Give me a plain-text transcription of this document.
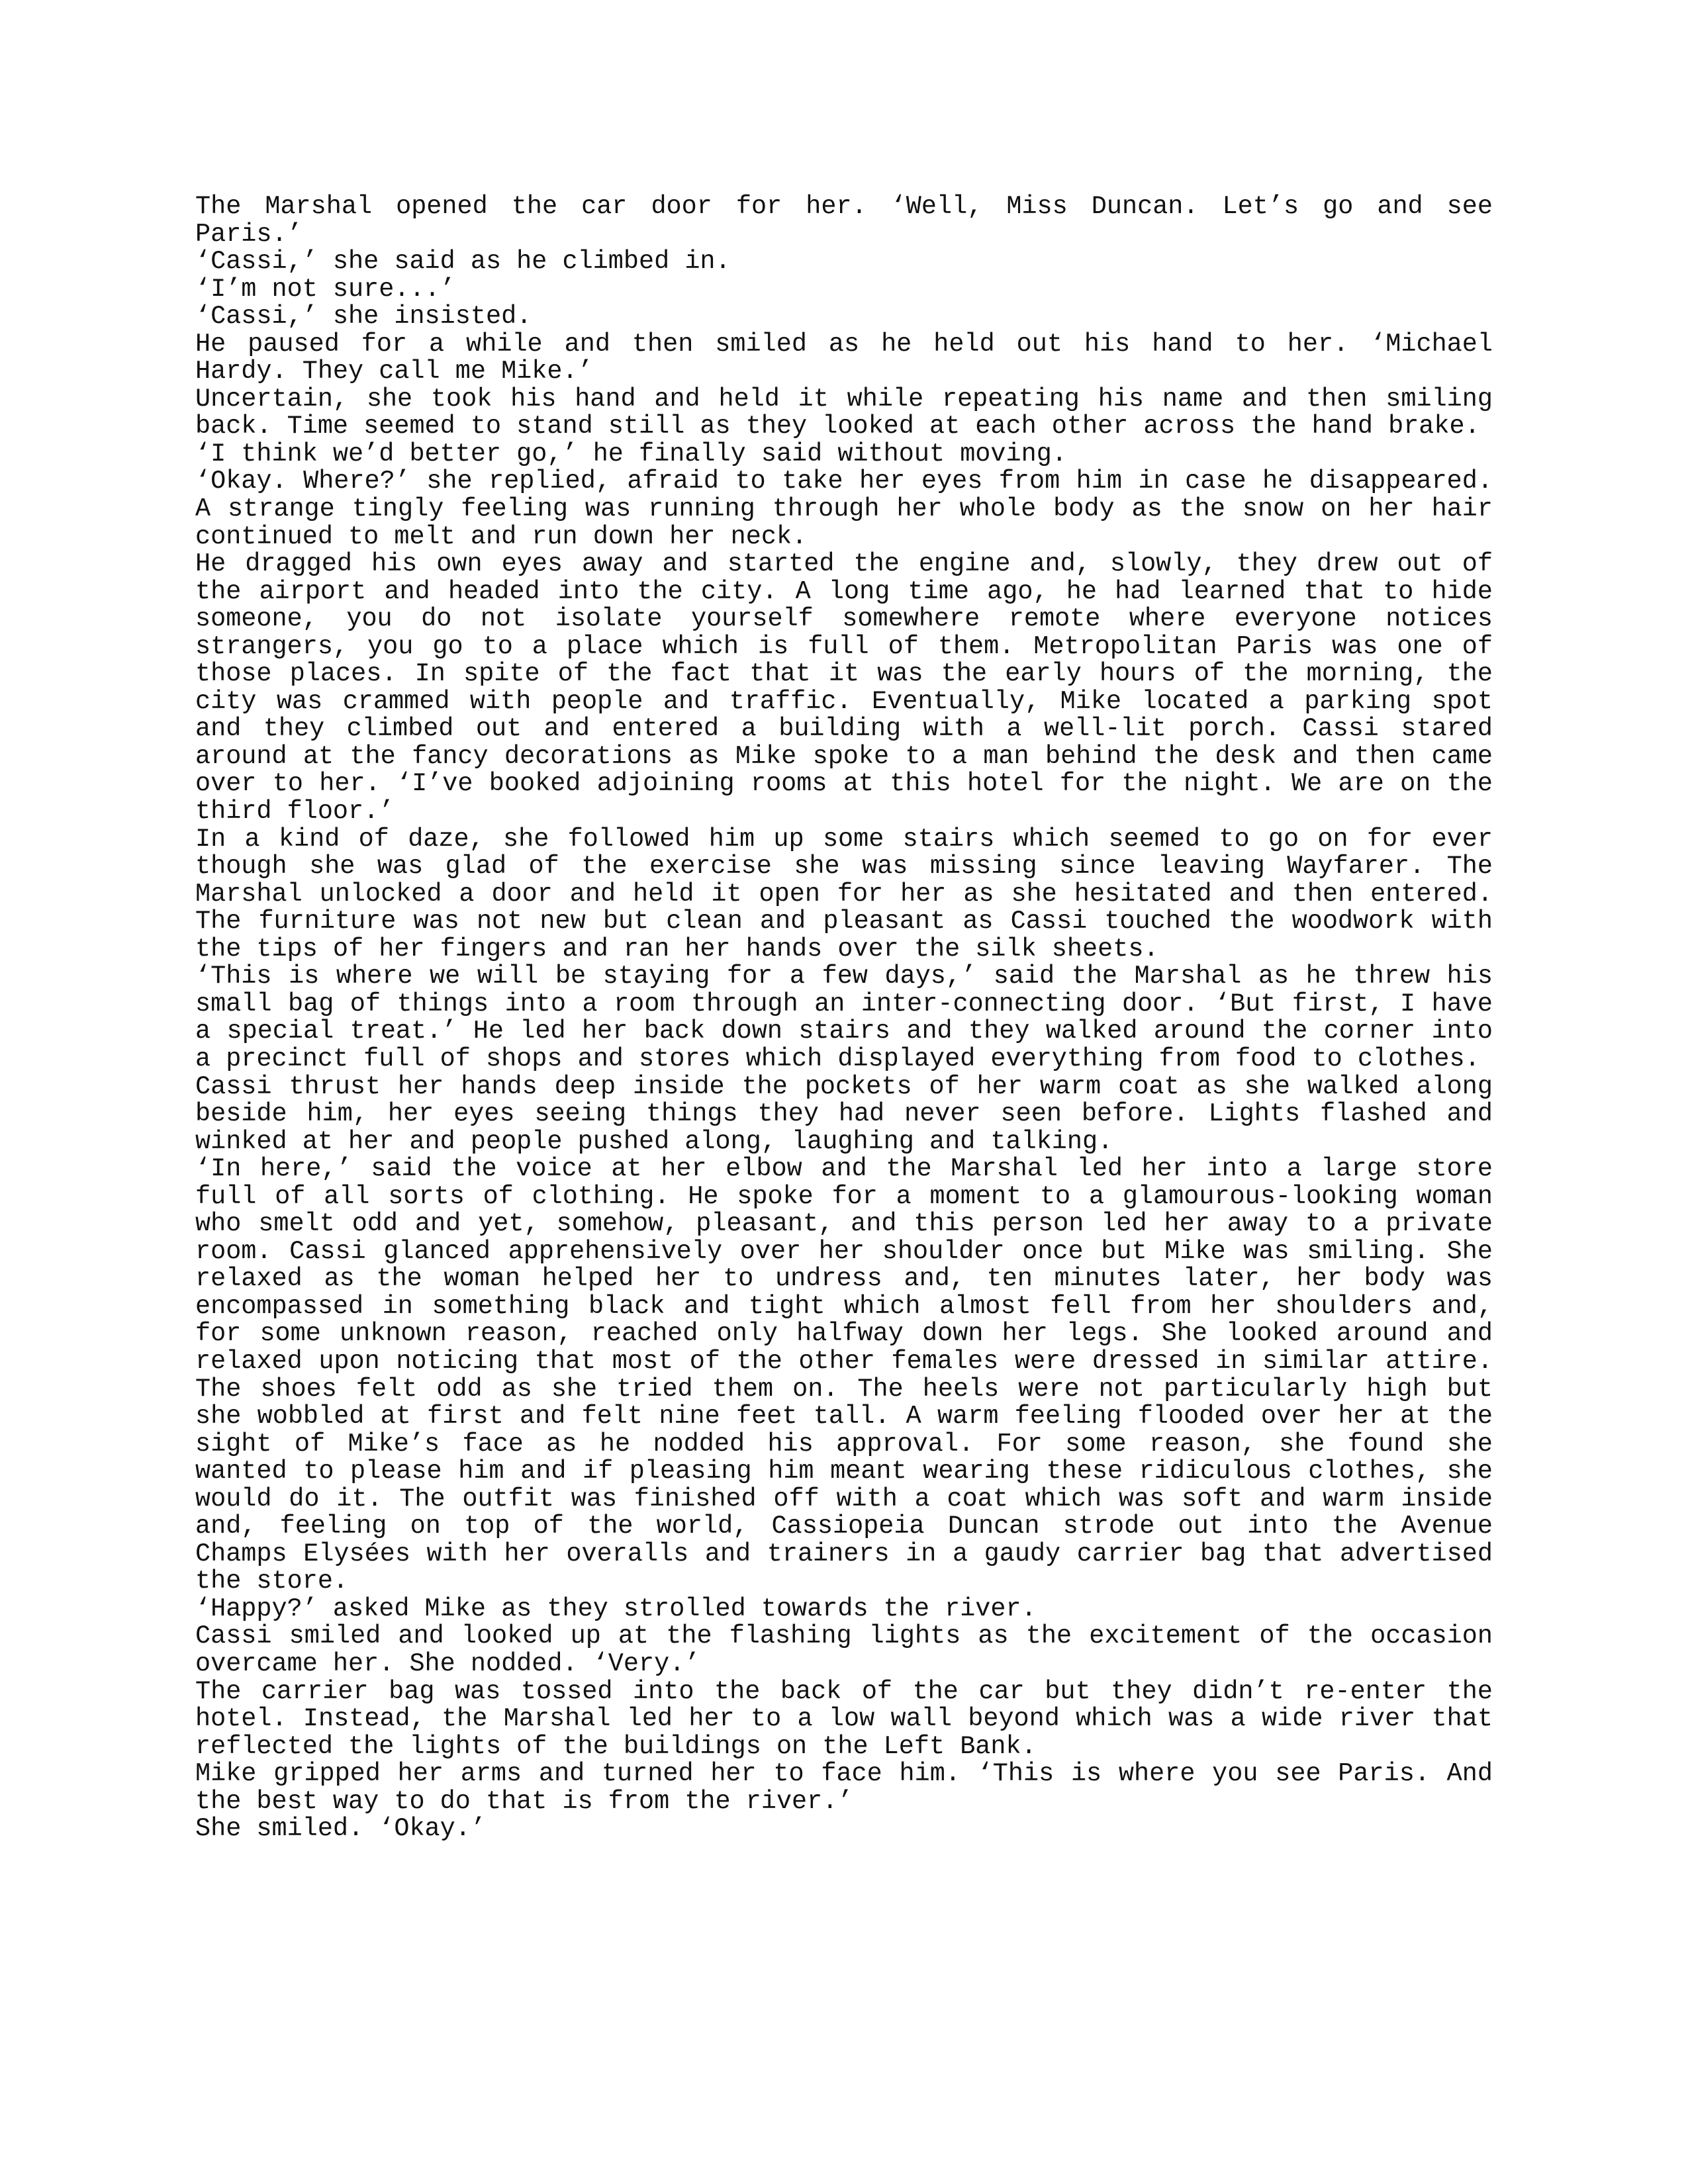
The Marshal opened the car door for her. ‘Well, Miss Duncan. Let’s go and see Paris.’

‘Cassi,’ she said as he climbed in.

‘I’m not sure...’

‘Cassi,’ she insisted.

He paused for a while and then smiled as he held out his hand to her. ‘Michael Hardy. They call me Mike.’

Uncertain, she took his hand and held it while repeating his name and then smiling back. Time seemed to stand still as they looked at each other across the hand brake.

‘I think we’d better go,’ he finally said without moving.

‘Okay. Where?’ she replied, afraid to take her eyes from him in case he disappeared. A strange tingly feeling was running through her whole body as the snow on her hair continued to melt and run down her neck.

He dragged his own eyes away and started the engine and, slowly, they drew out of the airport and headed into the city. A long time ago, he had learned that to hide someone, you do not isolate yourself somewhere remote where everyone notices strangers, you go to a place which is full of them. Metropolitan Paris was one of those places. In spite of the fact that it was the early hours of the morning, the city was crammed with people and traffic. Eventually, Mike located a parking spot and they climbed out and entered a building with a well-lit porch. Cassi stared around at the fancy decorations as Mike spoke to a man behind the desk and then came over to her. ‘I’ve booked adjoining rooms at this hotel for the night. We are on the third floor.’

In a kind of daze, she followed him up some stairs which seemed to go on for ever though she was glad of the exercise she was missing since leaving Wayfarer. The Marshal unlocked a door and held it open for her as she hesitated and then entered. The furniture was not new but clean and pleasant as Cassi touched the woodwork with the tips of her fingers and ran her hands over the silk sheets.

‘This is where we will be staying for a few days,’ said the Marshal as he threw his small bag of things into a room through an inter-connecting door. ‘But first, I have a special treat.’ He led her back down stairs and they walked around the corner into a precinct full of shops and stores which displayed everything from food to clothes.

Cassi thrust her hands deep inside the pockets of her warm coat as she walked along beside him, her eyes seeing things they had never seen before. Lights flashed and winked at her and people pushed along, laughing and talking.

‘In here,’ said the voice at her elbow and the Marshal led her into a large store full of all sorts of clothing. He spoke for a moment to a glamourous-looking woman who smelt odd and yet, somehow, pleasant, and this person led her away to a private room. Cassi glanced apprehensively over her shoulder once but Mike was smiling. She relaxed as the woman helped her to undress and, ten minutes later, her body was encompassed in something black and tight which almost fell from her shoulders and, for some unknown reason, reached only halfway down her legs. She looked around and relaxed upon noticing that most of the other females were dressed in similar attire. The shoes felt odd as she tried them on. The heels were not particularly high but she wobbled at first and felt nine feet tall. A warm feeling flooded over her at the sight of Mike’s face as he nodded his approval. For some reason, she found she wanted to please him and if pleasing him meant wearing these ridiculous clothes, she would do it. The outfit was finished off with a coat which was soft and warm inside and, feeling on top of the world, Cassiopeia Duncan strode out into the Avenue Champs Elysées with her overalls and trainers in a gaudy carrier bag that advertised the store.

‘Happy?’ asked Mike as they strolled towards the river.

Cassi smiled and looked up at the flashing lights as the excitement of the occasion overcame her. She nodded. ‘Very.’

The carrier bag was tossed into the back of the car but they didn’t re-enter the hotel. Instead, the Marshal led her to a low wall beyond which was a wide river that reflected the lights of the buildings on the Left Bank.

Mike gripped her arms and turned her to face him. ‘This is where you see Paris. And the best way to do that is from the river.’

She smiled. ‘Okay.’
